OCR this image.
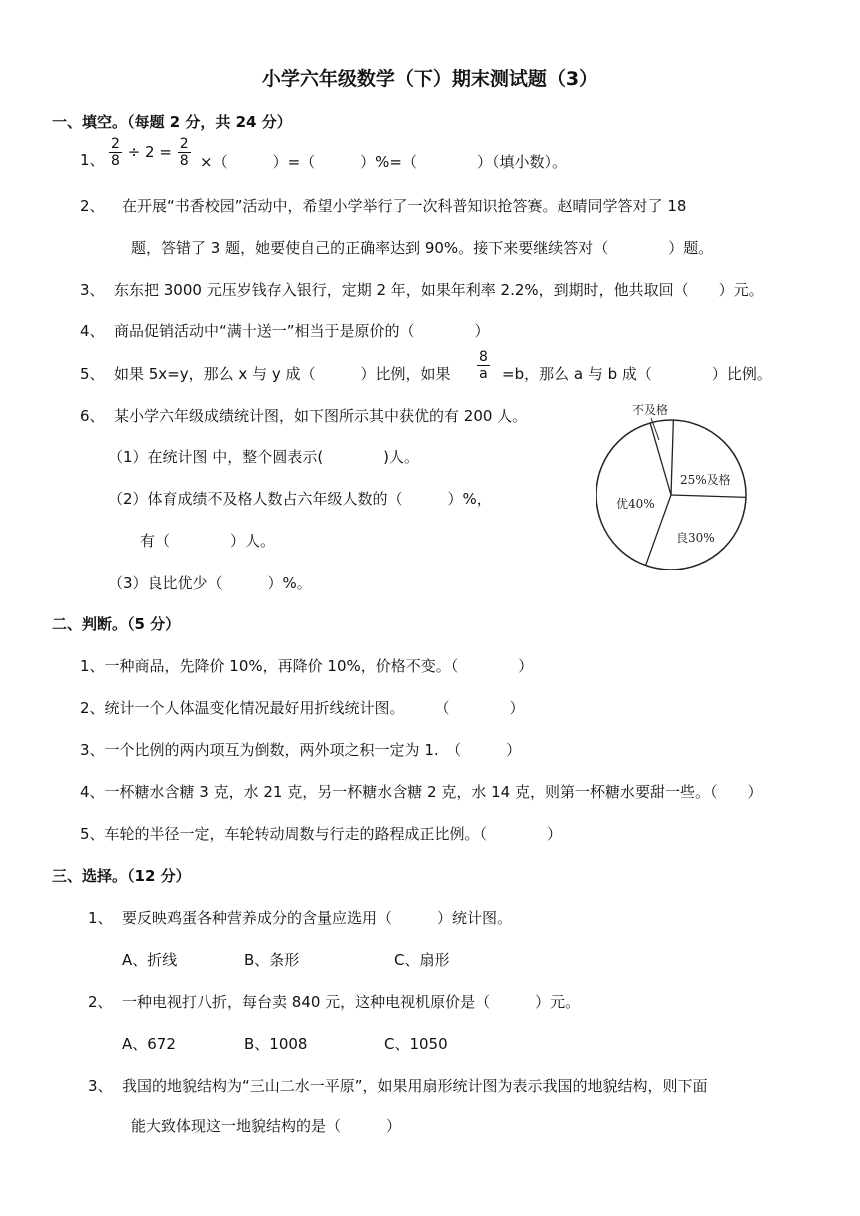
小学六年级数学（下）期末测试题（3）
一、填空。（每题 2 分，共 24 分）
1、 $\frac{2}{8} \div 2 = \frac{2}{8}$ ×（　　　）=（　　　）%=（　　　　）（填小数）。
2、 在开展“书香校园”活动中，希望小学举行了一次科普知识抢答赛。赵晴同学答对了 18
题，答错了 3 题，她要使自己的正确率达到 90%。接下来要继续答对（　　　　）题。
3、 东东把 3000 元压岁钱存入银行，定期 2 年，如果年利率 2.2%，到期时，他共取回（　　）元。
4、 商品促销活动中“满十送一”相当于是原价的（　　　　）
5、 如果 5x=y，那么 x 与 y 成（　　　）比例，如果 $\frac{8}{a} =b$，那么 a 与 b 成（　　　　）比例。
6、 某小学六年级成绩统计图，如下图所示其中获优的有 200 人。
（1）在统计图 中，整个圆表示(　　　　)人。
（2）体育成绩不及格人数占六年级人数的（　　　）%，
有（　　　　）人。
（3）良比优少（　　　）%。
不及格
25%及格
良30%
优40%
二、判断。（5 分）
1、一种商品，先降价 10%，再降价 10%，价格不变。（　　　　）
2、统计一个人体温变化情况最好用折线统计图。　　　（　　　　）
3、一个比例的两内项互为倒数，两外项之积一定为 1.　（　　　）
4、一杯糖水含糖 3 克，水 21 克，另一杯糖水含糖 2 克，水 14 克，则第一杯糖水要甜一些。（　　）
5、车轮的半径一定，车轮转动周数与行走的路程成正比例。（　　　　）
三、选择。（12 分）
1、 要反映鸡蛋各种营养成分的含量应选用（　　　）统计图。
A、折线	B、条形	C、扇形
2、 一种电视打八折，每台卖 840 元，这种电视机原价是（　　　）元。
A、672	B、1008	C、1050
3、 我国的地貌结构为“三山二水一平原”，如果用扇形统计图为表示我国的地貌结构，则下面
能大致体现这一地貌结构的是（　　　）
